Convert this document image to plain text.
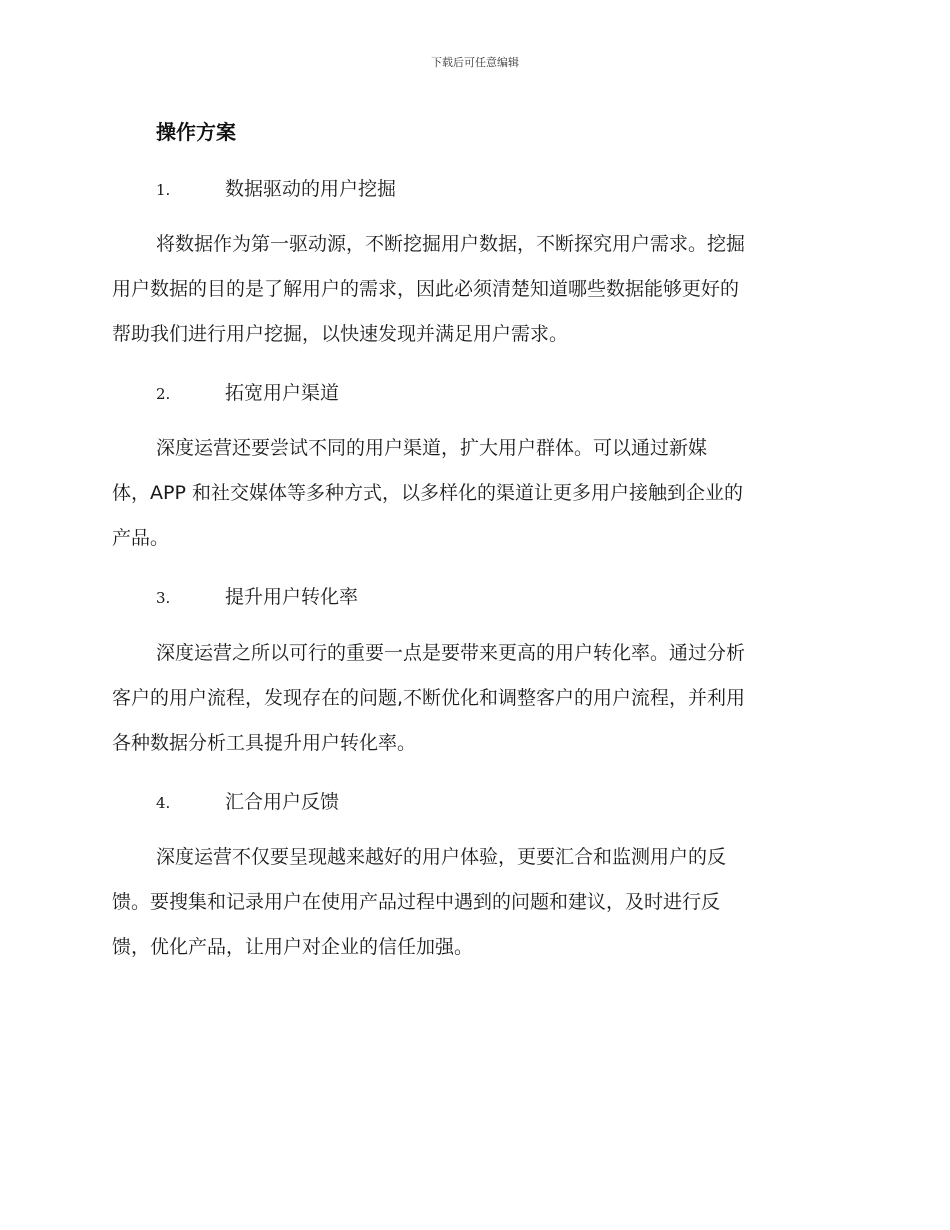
下载后可任意编辑
操作方案
1.	数据驱动的用户挖掘
将数据作为第一驱动源，不断挖掘用户数据，不断探究用户需求。挖掘
用户数据的目的是了解用户的需求，因此必须清楚知道哪些数据能够更好的
帮助我们进行用户挖掘，以快速发现并满足用户需求。
2.	拓宽用户渠道
深度运营还要尝试不同的用户渠道，扩大用户群体。可以通过新媒
体，APP 和社交媒体等多种方式，以多样化的渠道让更多用户接触到企业的
产品。
3.	提升用户转化率
深度运营之所以可行的重要一点是要带来更高的用户转化率。通过分析
客户的用户流程，发现存在的问题,不断优化和调整客户的用户流程，并利用
各种数据分析工具提升用户转化率。
4.	汇合用户反馈
深度运营不仅要呈现越来越好的用户体验，更要汇合和监测用户的反
馈。要搜集和记录用户在使用产品过程中遇到的问题和建议，及时进行反
馈，优化产品，让用户对企业的信任加强。
